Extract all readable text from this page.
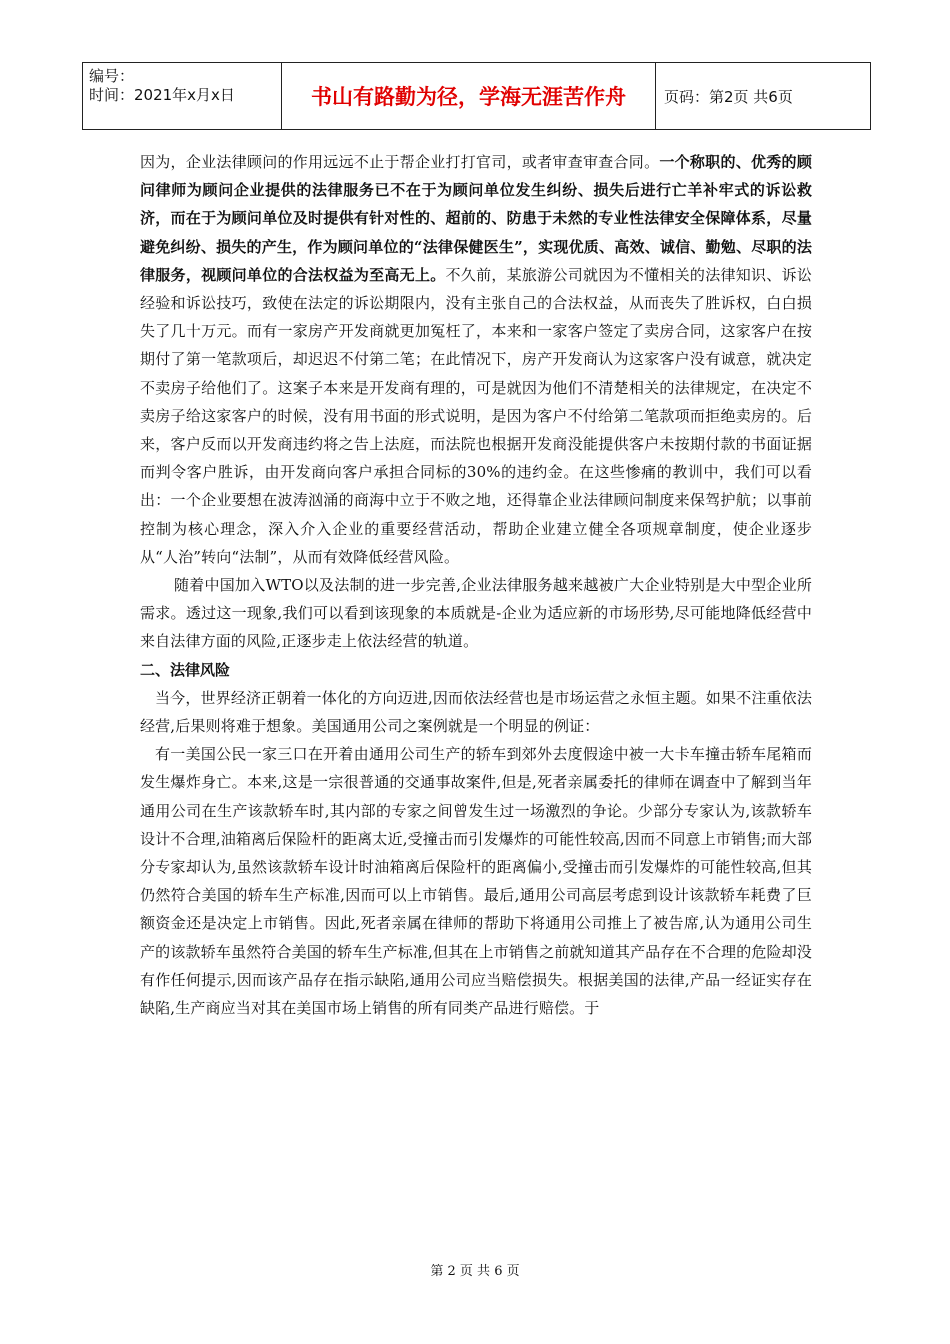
编号：
时间：2021年x月x日	书山有路勤为径，学海无涯苦作舟	页码：第2页 共6页

因为，企业法律顾问的作用远远不止于帮企业打打官司，或者审查审查合同。一个称职的、优秀的顾问律师为顾问企业提供的法律服务已不在于为顾问单位发生纠纷、损失后进行亡羊补牢式的诉讼救济，而在于为顾问单位及时提供有针对性的、超前的、防患于未然的专业性法律安全保障体系，尽量避免纠纷、损失的产生，作为顾问单位的“法律保健医生”，实现优质、高效、诚信、勤勉、尽职的法律服务，视顾问单位的合法权益为至高无上。不久前，某旅游公司就因为不懂相关的法律知识、诉讼经验和诉讼技巧，致使在法定的诉讼期限内，没有主张自己的合法权益，从而丧失了胜诉权，白白损失了几十万元。而有一家房产开发商就更加冤枉了，本来和一家客户签定了卖房合同，这家客户在按期付了第一笔款项后，却迟迟不付第二笔；在此情况下，房产开发商认为这家客户没有诚意，就决定不卖房子给他们了。这案子本来是开发商有理的，可是就因为他们不清楚相关的法律规定，在决定不卖房子给这家客户的时候，没有用书面的形式说明，是因为客户不付给第二笔款项而拒绝卖房的。后来，客户反而以开发商违约将之告上法庭，而法院也根据开发商没能提供客户未按期付款的书面证据而判令客户胜诉，由开发商向客户承担合同标的30%的违约金。在这些惨痛的教训中，我们可以看出：一个企业要想在波涛汹涌的商海中立于不败之地，还得靠企业法律顾问制度来保驾护航；以事前控制为核心理念，深入介入企业的重要经营活动，帮助企业建立健全各项规章制度，使企业逐步从“人治”转向“法制”，从而有效降低经营风险。

随着中国加入WTO以及法制的进一步完善,企业法律服务越来越被广大企业特别是大中型企业所需求。透过这一现象,我们可以看到该现象的本质就是-企业为适应新的市场形势,尽可能地降低经营中来自法律方面的风险,正逐步走上依法经营的轨道。

二、法律风险

当今，世界经济正朝着一体化的方向迈进,因而依法经营也是市场运营之永恒主题。如果不注重依法经营,后果则将难于想象。美国通用公司之案例就是一个明显的例证：

有一美国公民一家三口在开着由通用公司生产的轿车到郊外去度假途中被一大卡车撞击轿车尾箱而发生爆炸身亡。本来,这是一宗很普通的交通事故案件,但是,死者亲属委托的律师在调查中了解到当年通用公司在生产该款轿车时,其内部的专家之间曾发生过一场激烈的争论。少部分专家认为,该款轿车设计不合理,油箱离后保险杆的距离太近,受撞击而引发爆炸的可能性较高,因而不同意上市销售;而大部分专家却认为,虽然该款轿车设计时油箱离后保险杆的距离偏小,受撞击而引发爆炸的可能性较高,但其仍然符合美国的轿车生产标准,因而可以上市销售。最后,通用公司高层考虑到设计该款轿车耗费了巨额资金还是决定上市销售。因此,死者亲属在律师的帮助下将通用公司推上了被告席,认为通用公司生产的该款轿车虽然符合美国的轿车生产标准,但其在上市销售之前就知道其产品存在不合理的危险却没有作任何提示,因而该产品存在指示缺陷,通用公司应当赔偿损失。根据美国的法律,产品一经证实存在缺陷,生产商应当对其在美国市场上销售的所有同类产品进行赔偿。于

第 2 页 共 6 页
